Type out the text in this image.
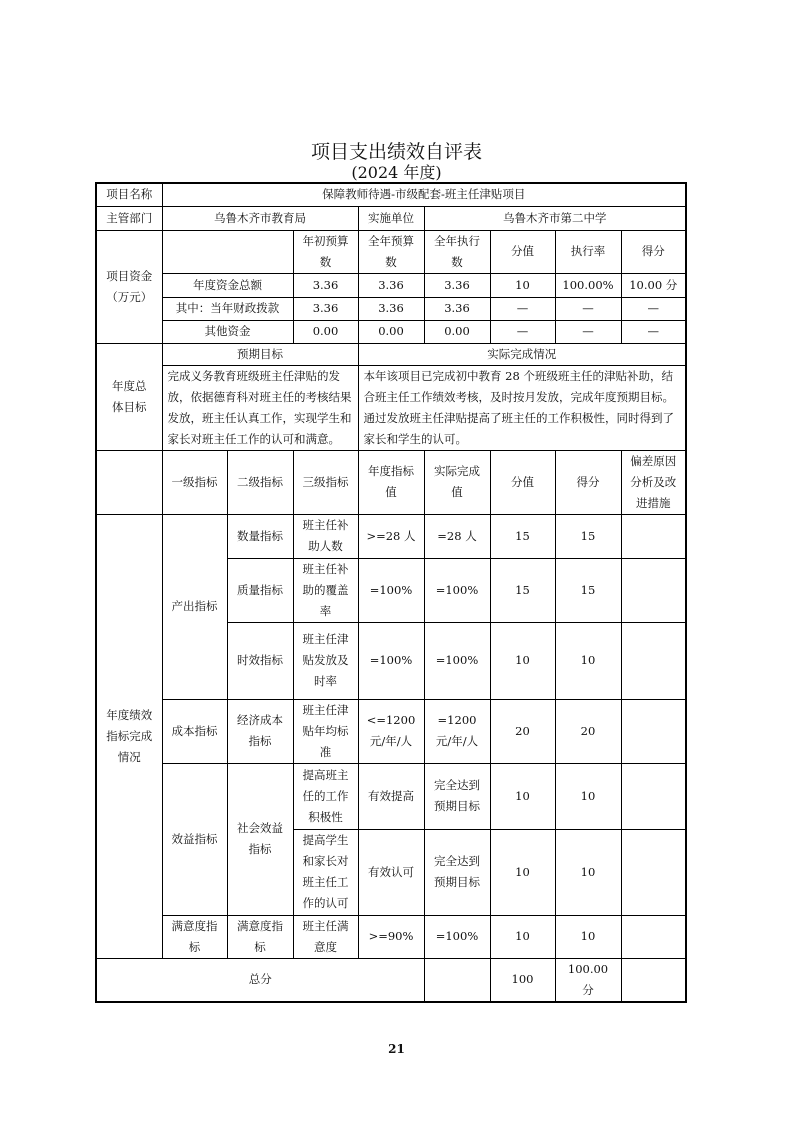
项目支出绩效自评表
(2024 年度)
项目名称	保障教师待遇-市级配套-班主任津贴项目							
主管部门	乌鲁木齐市教育局			实施单位	乌鲁木齐市第二中学			
项目资金
（万元）			年初预算数	全年预算数	全年执行数	分值	执行率	得分
	年度资金总额		3.36	3.36	3.36	10	100.00%	10.00 分
	其中：当年财政拨款		3.36	3.36	3.36	—	—	—
	其他资金		0.00	0.00	0.00	—	—	—
年度总体目标	预期目标			实际完成情况				
	完成义务教育班级班主任津贴的发放，依据德育科对班主任的考核结果发放，班主任认真工作，实现学生和家长对班主任工作的认可和满意。			本年该项目已完成初中教育 28 个班级班主任的津贴补助，结合班主任工作绩效考核，及时按月发放，完成年度预期目标。通过发放班主任津贴提高了班主任的工作积极性，同时得到了家长和学生的认可。				
	一级指标	二级指标	三级指标	年度指标值	实际完成值	分值	得分	偏差原因分析及改进措施
年度绩效指标完成情况	产出指标	数量指标	班主任补助人数	>=28 人	=28 人	15	15	
		质量指标	班主任补助的覆盖率	=100%	=100%	15	15	
		时效指标	班主任津贴发放及时率	=100%	=100%	10	10	
	成本指标	经济成本指标	班主任津贴年均标准	<=1200 元/年/人	=1200 元/年/人	20	20	
	效益指标	社会效益指标	提高班主任的工作积极性	有效提高	完全达到预期目标	10	10	
			提高学生和家长对班主任工作的认可	有效认可	完全达到预期目标	10	10	
	满意度指标	满意度指标	班主任满意度	>=90%	=100%	10	10	
总分						100	100.00 分	
21
